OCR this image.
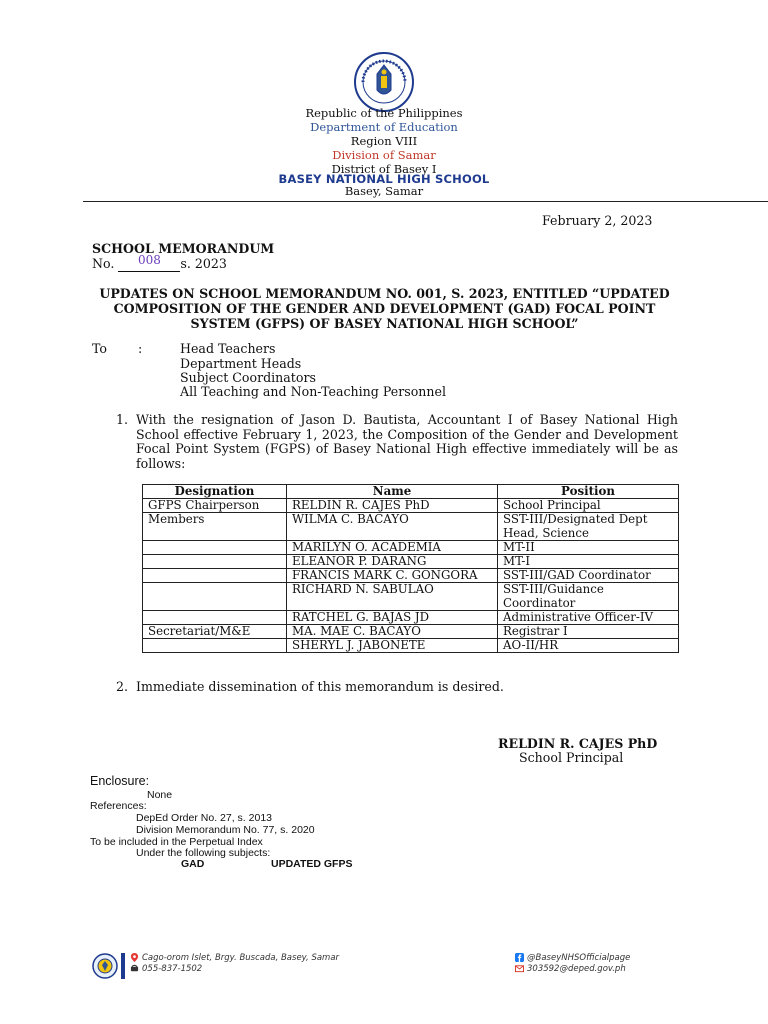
Republic of the Philippines
Department of Education
Region VIII
Division of Samar
District of Basey I
BASEY NATIONAL HIGH SCHOOL
Basey, Samar
February 2, 2023
SCHOOL MEMORANDUM
No. 008 s. 2023
UPDATES ON SCHOOL MEMORANDUM NO. 001, S. 2023, ENTITLED “UPDATED COMPOSITION OF THE GENDER AND DEVELOPMENT (GAD) FOCAL POINT SYSTEM (GFPS) OF BASEY NATIONAL HIGH SCHOOL”
To :	Head Teachers
Department Heads
Subject Coordinators
All Teaching and Non-Teaching Personnel
1. With the resignation of Jason D. Bautista, Accountant I of Basey National High School effective February 1, 2023, the Composition of the Gender and Development Focal Point System (FGPS) of Basey National High effective immediately will be as follows:
Designation	Name	Position
GFPS Chairperson	RELDIN R. CAJES PhD	School Principal
Members	WILMA C. BACAYO	SST-III/Designated Dept Head, Science
	MARILYN O. ACADEMIA	MT-II
	ELEANOR P. DARANG	MT-I
	FRANCIS MARK C. GONGORA	SST-III/GAD Coordinator
	RICHARD N. SABULAO	SST-III/Guidance Coordinator
	RATCHEL G. BAJAS JD	Administrative Officer-IV
Secretariat/M&E	MA. MAE C. BACAYO	Registrar I
	SHERYL J. JABONETE	AO-II/HR
2. Immediate dissemination of this memorandum is desired.
RELDIN R. CAJES PhD
School Principal
Enclosure:
None
References:
DepEd Order No. 27, s. 2013
Division Memorandum No. 77, s. 2020
To be included in the Perpetual Index
Under the following subjects:
GAD	UPDATED GFPS
Cago-orom Islet, Brgy. Buscada, Basey, Samar
055-837-1502
@BaseyNHSOfficialpage
303592@deped.gov.ph
